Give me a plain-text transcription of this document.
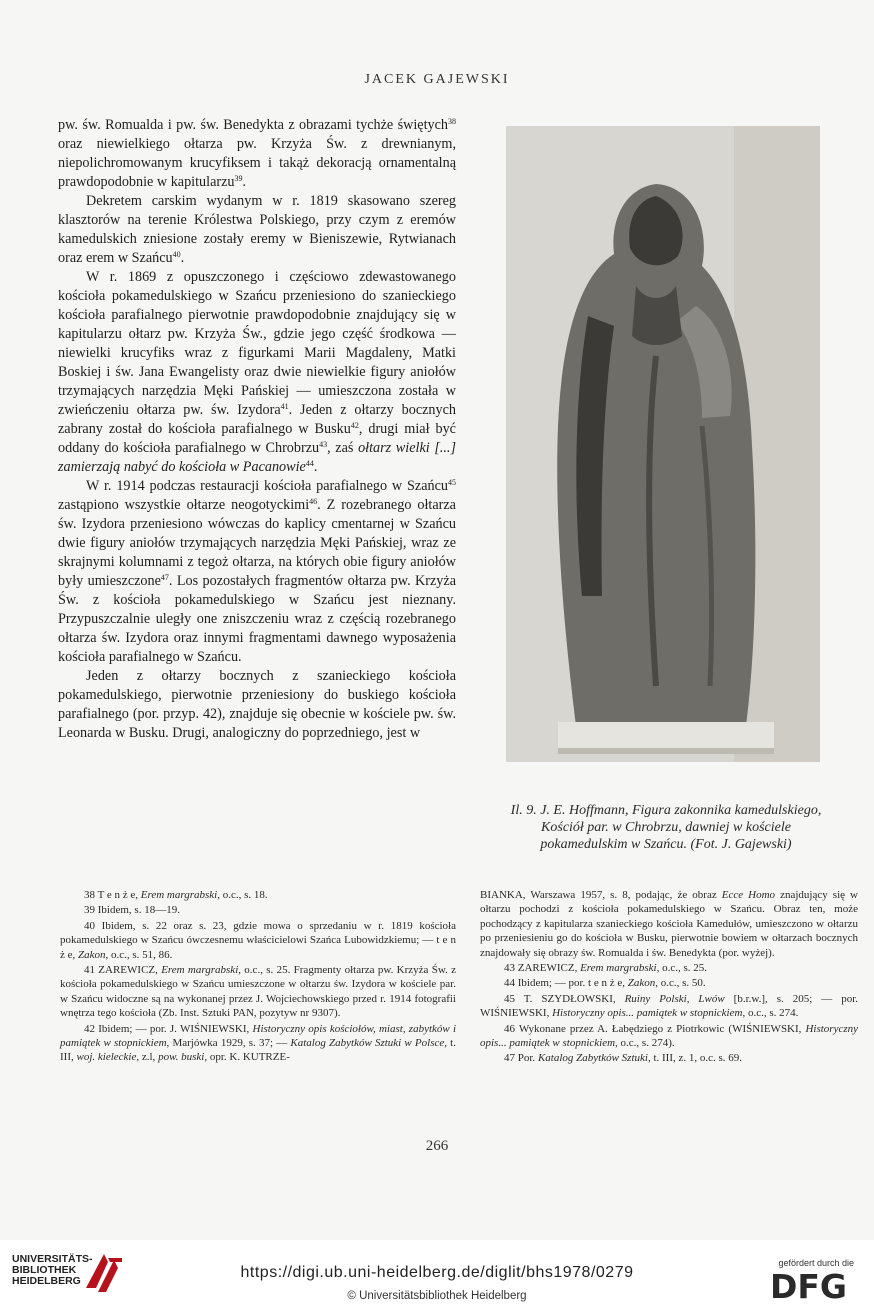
JACEK GAJEWSKI

pw. św. Romualda i pw. św. Benedykta z obrazami tychże świętych$^{38}$ oraz niewielkiego ołtarza pw. Krzyża Św. z drewnianym, niepolichromowanym krucyfiksem i takąż dekoracją ornamentalną prawdopodobnie w kapitularzu$^{39}$.

Dekretem carskim wydanym w r. 1819 skasowano szereg klasztorów na terenie Królestwa Polskiego, przy czym z eremów kamedulskich zniesione zostały eremy w Bieniszewie, Rytwianach oraz erem w Szańcu$^{40}$.

W r. 1869 z opuszczonego i częściowo zdewastowanego kościoła pokamedulskiego w Szańcu przeniesiono do szanieckiego kościoła parafialnego pierwotnie prawdopodobnie znajdujący się w kapitularzu ołtarz pw. Krzyża Św., gdzie jego część środkowa — niewielki krucyfiks wraz z figurkami Marii Magdaleny, Matki Boskiej i św. Jana Ewangelisty oraz dwie niewielkie figury aniołów trzymających narzędzia Męki Pańskiej — umieszczona została w zwieńczeniu ołtarza pw. św. Izydora$^{41}$. Jeden z ołtarzy bocznych zabrany został do kościoła parafialnego w Busku$^{42}$, drugi miał być oddany do kościoła parafialnego w Chrobrzu$^{43}$, zaś ołtarz wielki [...] zamierzają nabyć do kościoła w Pacanowie$^{44}$.

W r. 1914 podczas restauracji kościoła parafialnego w Szańcu$^{45}$ zastąpiono wszystkie ołtarze neogotyckimi$^{46}$. Z rozebranego ołtarza św. Izydora przeniesiono wówczas do kaplicy cmentarnej w Szańcu dwie figury aniołów trzymających narzędzia Męki Pańskiej, wraz ze skrajnymi kolumnami z tegoż ołtarza, na których obie figury aniołów były umieszczone$^{47}$. Los pozostałych fragmentów ołtarza pw. Krzyża Św. z kościoła pokamedulskiego w Szańcu jest nieznany. Przypuszczalnie uległy one zniszczeniu wraz z częścią rozebranego ołtarza św. Izydora oraz innymi fragmentami dawnego wyposażenia kościoła parafialnego w Szańcu.

Jeden z ołtarzy bocznych z szanieckiego kościoła pokamedulskiego, pierwotnie przeniesiony do buskiego kościoła parafialnego (por. przyp. 42), znajduje się obecnie w kościele pw. św. Leonarda w Busku. Drugi, analogiczny do poprzedniego, jest w

Il. 9. J. E. Hoffmann, Figura zakonnika kamedulskiego, Kościół par. w Chrobrzu, dawniej w kościele pokamedulskim w Szańcu. (Fot. J. Gajewski)

38 T e n ż e, Erem margrabski, o.c., s. 18.

39 Ibidem, s. 18—19.

40 Ibidem, s. 22 oraz s. 23, gdzie mowa o sprzedaniu w r. 1819 kościoła pokamedulskiego w Szańcu ówczesnemu właścicielowi Szańca Lubowidzkiemu; — t e n ż e, Zakon, o.c., s. 51, 86.

41 ZAREWICZ, Erem margrabski, o.c., s. 25. Fragmenty ołtarza pw. Krzyża Św. z kościoła pokamedulskiego w Szańcu umieszczone w ołtarzu św. Izydora w kościele par. w Szańcu widoczne są na wykonanej przez J. Wojciechowskiego przed r. 1914 fotografii wnętrza tego kościoła (Zb. Inst. Sztuki PAN, pozytyw nr 9307).

42 Ibidem; — por. J. WIŚNIEWSKI, Historyczny opis kościołów, miast, zabytków i pamiątek w stopnickiem, Marjówka 1929, s. 37; — Katalog Zabytków Sztuki w Polsce, t. III, woj. kieleckie, z.l, pow. buski, opr. K. KUTRZE-

BIANKA, Warszawa 1957, s. 8, podając, że obraz Ecce Homo znajdujący się w ołtarzu pochodzi z kościoła pokamedulskiego w Szańcu. Obraz ten, może pochodzący z kapitularza szanieckiego kościoła Kamedułów, umieszczono w ołtarzu po przeniesieniu go do kościoła w Busku, pierwotnie bowiem w ołtarzach bocznych znajdowały się obrazy św. Romualda i św. Benedykta (por. wyżej).

43 ZAREWICZ, Erem margrabski, o.c., s. 25.

44 Ibidem; — por. t e n ż e, Zakon, o.c., s. 50.

45 T. SZYDŁOWSKI, Ruiny Polski, Lwów [b.r.w.], s. 205; — por. WIŚNIEWSKI, Historyczny opis... pamiątek w stopnickiem, o.c., s. 274.

46 Wykonane przez A. Łabędziego z Piotrkowic (WIŚNIEWSKI, Historyczny opis... pamiątek w stopnickiem, o.c., s. 274).

47 Por. Katalog Zabytków Sztuki, t. III, z. 1, o.c. s. 69.

266
UNIVERSITÄTS-
BIBLIOTHEK
HEIDELBERG	https://digi.ub.uni-heidelberg.de/diglit/bhs1978/0279
© Universitätsbibliothek Heidelberg
gefördert durch die
DFG
